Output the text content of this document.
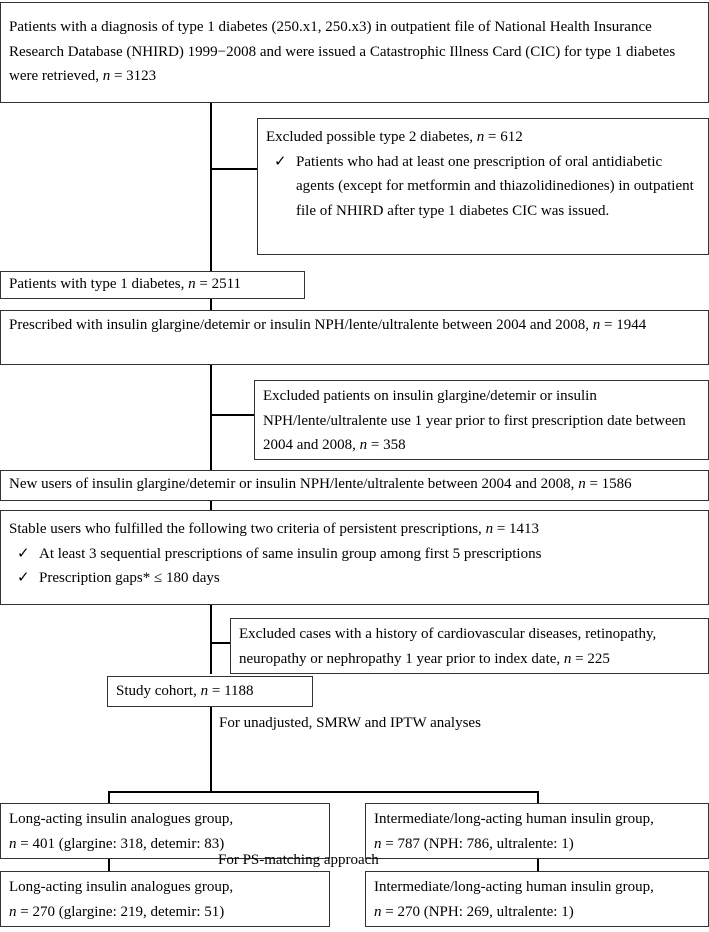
Patients with a diagnosis of type 1 diabetes (250.x1, 250.x3) in outpatient file of National Health Insurance Research Database (NHIRD) 1999−2008 and were issued a Catastrophic Illness Card (CIC) for type 1 diabetes were retrieved, n = 3123
Excluded possible type 2 diabetes, n = 612
✓ Patients who had at least one prescription of oral antidiabetic agents (except for metformin and thiazolidinediones) in outpatient file of NHIRD after type 1 diabetes CIC was issued.
Patients with type 1 diabetes, n = 2511
Prescribed with insulin glargine/detemir or insulin NPH/lente/ultralente between 2004 and 2008, n = 1944
Excluded patients on insulin glargine/detemir or insulin NPH/lente/ultralente use 1 year prior to first prescription date between 2004 and 2008, n = 358
New users of insulin glargine/detemir or insulin NPH/lente/ultralente between 2004 and 2008, n = 1586
Stable users who fulfilled the following two criteria of persistent prescriptions, n = 1413
✓ At least 3 sequential prescriptions of same insulin group among first 5 prescriptions
✓ Prescription gaps* ≤ 180 days
Excluded cases with a history of cardiovascular diseases, retinopathy, neuropathy or nephropathy 1 year prior to index date, n = 225
Study cohort, n = 1188
For unadjusted, SMRW and IPTW analyses
Long-acting insulin analogues group,
n = 401 (glargine: 318, detemir: 83)
Intermediate/long-acting human insulin group,
n = 787 (NPH: 786, ultralente: 1)
For PS-matching approach
Long-acting insulin analogues group,
n = 270 (glargine: 219, detemir: 51)
Intermediate/long-acting human insulin group,
n = 270 (NPH: 269, ultralente: 1)
